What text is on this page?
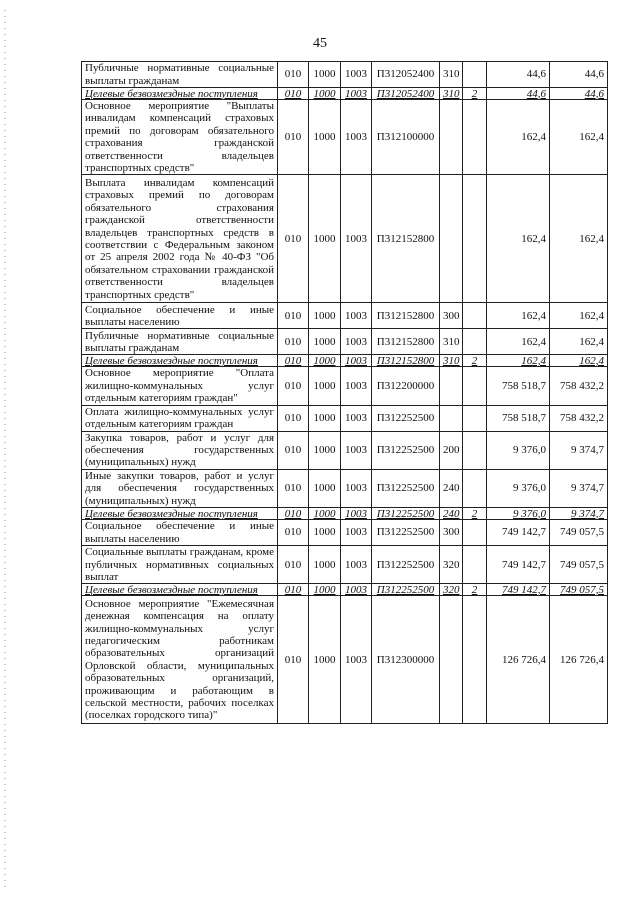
45
Публичные нормативные социальные выплаты гражданам	010	1000	1003	П312052400	310		44,6	44,6
Целевые безвозмездные поступления	010	1000	1003	П312052400	310	2	44,6	44,6
Основное мероприятие "Выплаты инвалидам компенсаций страховых премий по договорам обязательного страхования гражданской ответственности владельцев транспортных средств"	010	1000	1003	П312100000			162,4	162,4
Выплата инвалидам компенсаций страховых премий по договорам обязательного страхования гражданской ответственности владельцев транспортных средств в соответствии с Федеральным законом от 25 апреля 2002 года № 40-ФЗ "Об обязательном страховании гражданской ответственности владельцев транспортных средств"	010	1000	1003	П312152800			162,4	162,4
Социальное обеспечение и иные выплаты населению	010	1000	1003	П312152800	300		162,4	162,4
Публичные нормативные социальные выплаты гражданам	010	1000	1003	П312152800	310		162,4	162,4
Целевые безвозмездные поступления	010	1000	1003	П312152800	310	2	162,4	162,4
Основное мероприятие "Оплата жилищно-коммунальных услуг отдельным категориям граждан"	010	1000	1003	П312200000			758 518,7	758 432,2
Оплата жилищно-коммунальных услуг отдельным категориям граждан	010	1000	1003	П312252500			758 518,7	758 432,2
Закупка товаров, работ и услуг для обеспечения государственных (муниципальных) нужд	010	1000	1003	П312252500	200		9 376,0	9 374,7
Иные закупки товаров, работ и услуг для обеспечения государственных (муниципальных) нужд	010	1000	1003	П312252500	240		9 376,0	9 374,7
Целевые безвозмездные поступления	010	1000	1003	П312252500	240	2	9 376,0	9 374,7
Социальное обеспечение и иные выплаты населению	010	1000	1003	П312252500	300		749 142,7	749 057,5
Социальные выплаты гражданам, кроме публичных нормативных социальных выплат	010	1000	1003	П312252500	320		749 142,7	749 057,5
Целевые безвозмездные поступления	010	1000	1003	П312252500	320	2	749 142,7	749 057,5
Основное мероприятие "Ежемесячная денежная компенсация на оплату жилищно-коммунальных услуг педагогическим работникам образовательных организаций Орловской области, муниципальных образовательных организаций, проживающим и работающим в сельской местности, рабочих поселках (поселках городского типа)"	010	1000	1003	П312300000			126 726,4	126 726,4
